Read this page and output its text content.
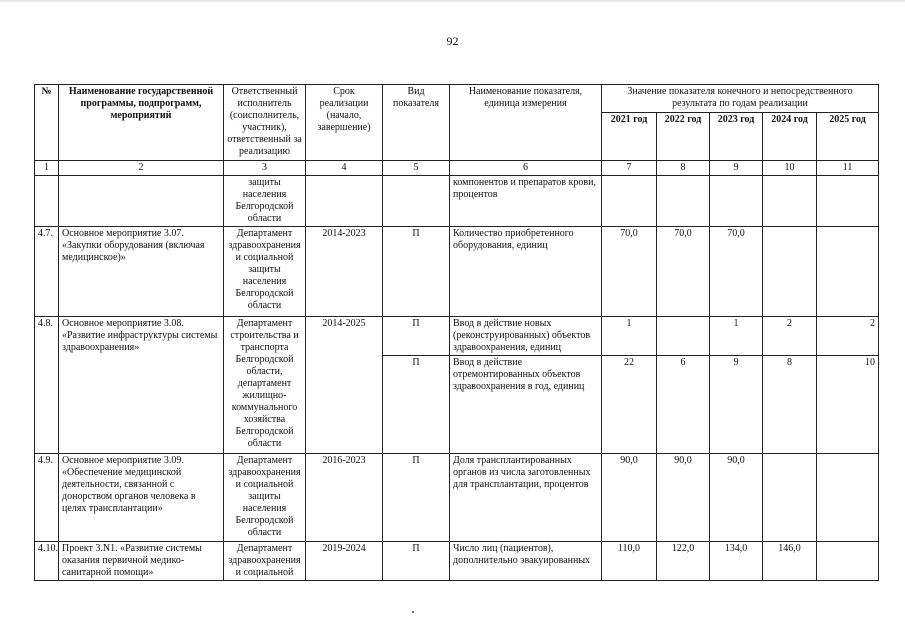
92
№	Наименование государственной программы, подпрограмм, мероприятий	Ответственный исполнитель (соисполнитель, участник), ответственный за реализацию	Срок реализации (начало, завершение)	Вид показателя	Наименование показателя, единица измерения	Значение показателя конечного и непосредственного результата по годам реализации				
						2021 год	2022 год	2023 год	2024 год	2025 год
1	2	3	4	5	6	7	8	9	10	11
		защиты населения Белгородской области			компонентов и препаратов крови, процентов					
4.7.	Основное мероприятие 3.07. «Закупки оборудования (включая медицинское)»	Департамент здравоохранения и социальной защиты населения Белгородской области	2014-2023	П	Количество приобретенного оборудования, единиц	70,0	70,0	70,0		
4.8.	Основное мероприятие 3.08. «Развитие инфраструктуры системы здравоохранения»	Департамент строительства и транспорта Белгородской области, департамент жилищно-коммунального хозяйства Белгородской области	2014-2025	П	Ввод в действие новых (реконструированных) объектов здравоохранения, единиц	1		1	2	2
				П	Ввод в действие отремонтированных объектов здравоохранения в год, единиц	22	6	9	8	10
4.9.	Основное мероприятие 3.09. «Обеспечение медицинской деятельности, связанной с донорством органов человека в целях трансплантации»	Департамент здравоохранения и социальной защиты населения Белгородской области	2016-2023	П	Доля трансплантированных органов из числа заготовленных для трансплантации, процентов	90,0	90,0	90,0		
4.10.	Проект 3.N1. «Развитие системы оказания первичной медико-санитарной помощи»	Департамент здравоохранения и социальной	2019-2024	П	Число лиц (пациентов), дополнительно эвакуированных	110,0	122,0	134,0	146,0	
